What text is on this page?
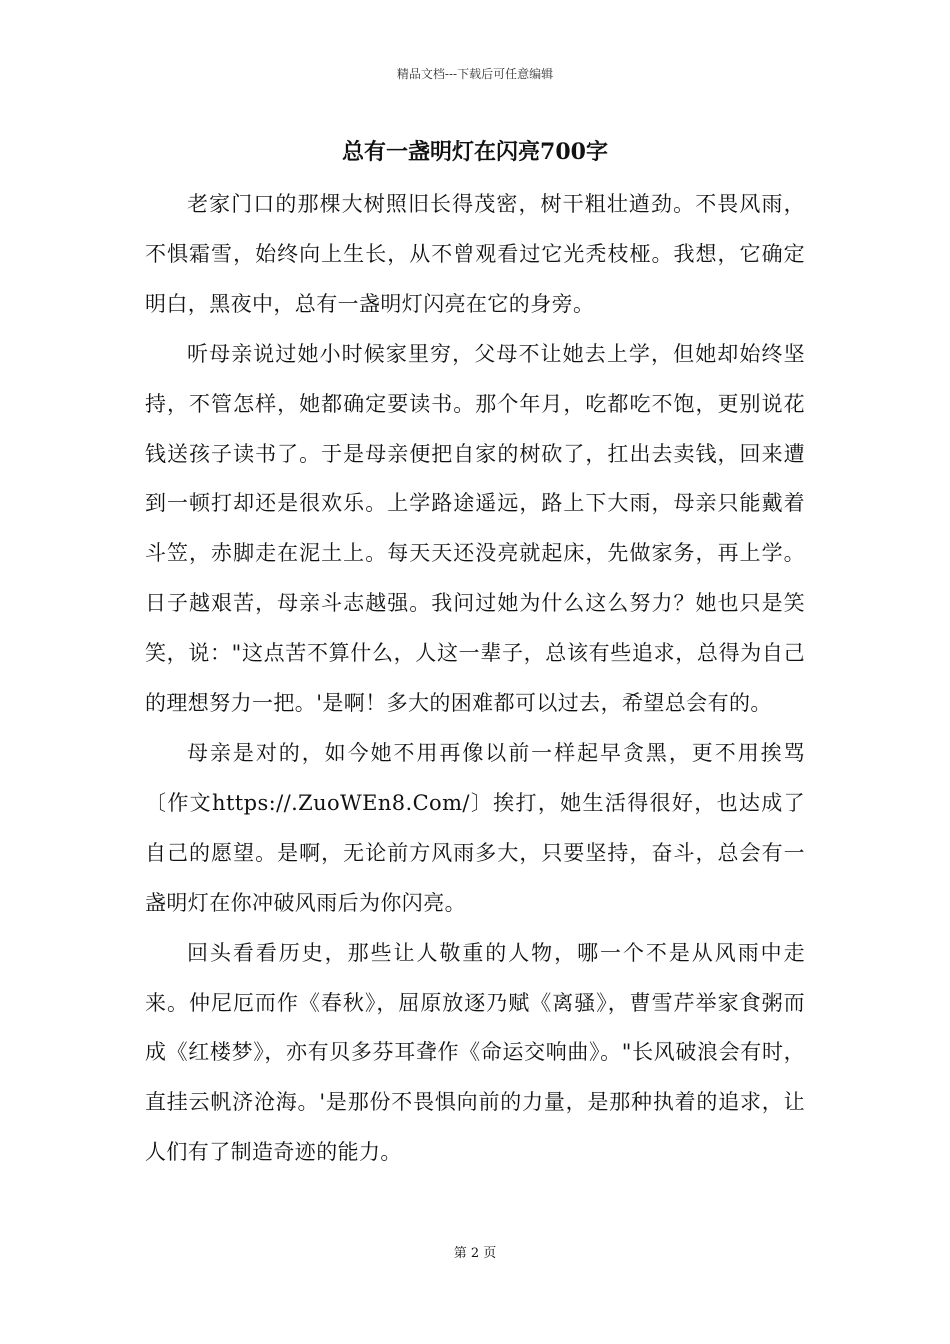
精品文档---下载后可任意编辑
总有一盏明灯在闪亮700字

老家门口的那棵大树照旧长得茂密，树干粗壮遒劲。不畏风雨，不惧霜雪，始终向上生长，从不曾观看过它光秃枝桠。我想，它确定明白，黑夜中，总有一盏明灯闪亮在它的身旁。

听母亲说过她小时候家里穷，父母不让她去上学，但她却始终坚持，不管怎样，她都确定要读书。那个年月，吃都吃不饱，更别说花钱送孩子读书了。于是母亲便把自家的树砍了，扛出去卖钱，回来遭到一顿打却还是很欢乐。上学路途遥远，路上下大雨，母亲只能戴着斗笠，赤脚走在泥土上。每天天还没亮就起床，先做家务，再上学。日子越艰苦，母亲斗志越强。我问过她为什么这么努力？她也只是笑笑，说："这点苦不算什么，人这一辈子，总该有些追求，总得为自己的理想努力一把。'是啊！多大的困难都可以过去，希望总会有的。

母亲是对的，如今她不用再像以前一样起早贪黑，更不用挨骂〔作文https://.ZuoWEn8.Com/〕挨打，她生活得很好，也达成了自己的愿望。是啊，无论前方风雨多大，只要坚持，奋斗，总会有一盏明灯在你冲破风雨后为你闪亮。

回头看看历史，那些让人敬重的人物，哪一个不是从风雨中走来。仲尼厄而作《春秋》，屈原放逐乃赋《离骚》，曹雪芹举家食粥而成《红楼梦》，亦有贝多芬耳聋作《命运交响曲》。"长风破浪会有时，直挂云帆济沧海。'是那份不畏惧向前的力量，是那种执着的追求，让人们有了制造奇迹的能力。

第 2 页
